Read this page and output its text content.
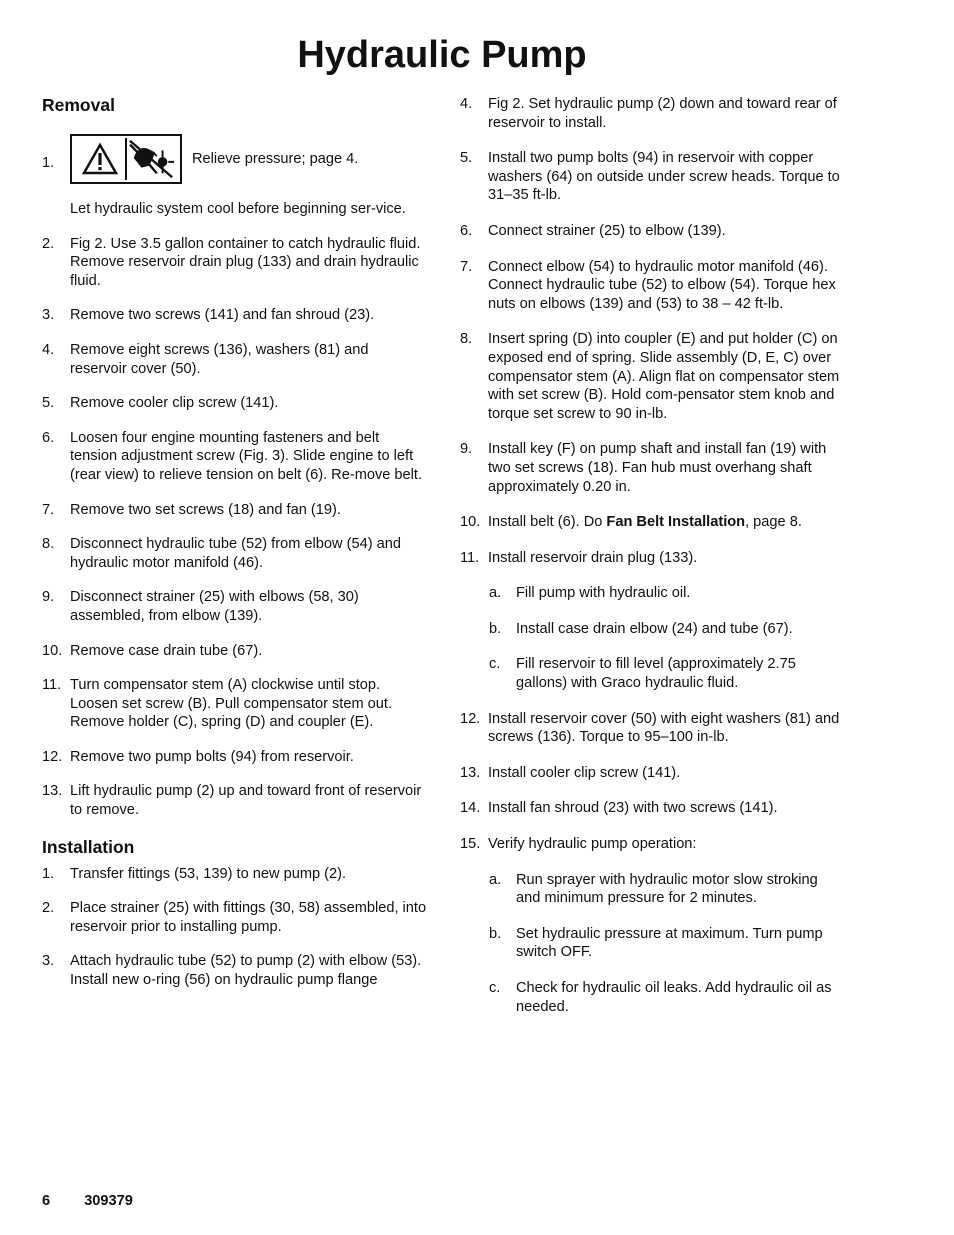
Hydraulic Pump

Removal

1.	Relieve pressure; page 4.

Let hydraulic system cool before beginning ser-vice.

2. Fig 2. Use 3.5 gallon container to catch hydraulic fluid. Remove reservoir drain plug (133) and drain hydraulic fluid.

3. Remove two screws (141) and fan shroud (23).

4. Remove eight screws (136), washers (81) and reservoir cover (50).

5. Remove cooler clip screw (141).

6. Loosen four engine mounting fasteners and belt tension adjustment screw (Fig. 3). Slide engine to left (rear view) to relieve tension on belt (6). Re-move belt.

7. Remove two set screws (18) and fan (19).

8. Disconnect hydraulic tube (52) from elbow (54) and hydraulic motor manifold (46).

9. Disconnect strainer (25) with elbows (58, 30) assembled, from elbow (139).

10. Remove case drain tube (67).

11. Turn compensator stem (A) clockwise until stop. Loosen set screw (B). Pull compensator stem out. Remove holder (C), spring (D) and coupler (E).

12. Remove two pump bolts (94) from reservoir.

13. Lift hydraulic pump (2) up and toward front of reservoir to remove.

Installation

1. Transfer fittings (53, 139) to new pump (2).

2. Place strainer (25) with fittings (30, 58) assembled, into reservoir prior to installing pump.

3. Attach hydraulic tube (52) to pump (2) with elbow (53). Install new o-ring (56) on hydraulic pump flange

4. Fig 2. Set hydraulic pump (2) down and toward rear of reservoir to install.

5. Install two pump bolts (94) in reservoir with copper washers (64) on outside under screw heads. Torque to 31–35 ft-lb.

6. Connect strainer (25) to elbow (139).

7. Connect elbow (54) to hydraulic motor manifold (46). Connect hydraulic tube (52) to elbow (54). Torque hex nuts on elbows (139) and (53) to 38 – 42 ft-lb.

8. Insert spring (D) into coupler (E) and put holder (C) on exposed end of spring. Slide assembly (D, E, C) over compensator stem (A). Align flat on compensator stem with set screw (B). Hold com-pensator stem knob and torque set screw to 90 in-lb.

9. Install key (F) on pump shaft and install fan (19) with two set screws (18). Fan hub must overhang shaft approximately 0.20 in.

10. Install belt (6). Do Fan Belt Installation, page 8.

11. Install reservoir drain plug (133).

a. Fill pump with hydraulic oil.

b. Install case drain elbow (24) and tube (67).

c. Fill reservoir to fill level (approximately 2.75 gallons) with Graco hydraulic fluid.

12. Install reservoir cover (50) with eight washers (81) and screws (136). Torque to 95–100 in-lb.

13. Install cooler clip screw (141).

14. Install fan shroud (23) with two screws (141).

15. Verify hydraulic pump operation:

a. Run sprayer with hydraulic motor slow stroking and minimum pressure for 2 minutes.

b. Set hydraulic pressure at maximum. Turn pump switch OFF.

c. Check for hydraulic oil leaks. Add hydraulic oil as needed.

6 309379
